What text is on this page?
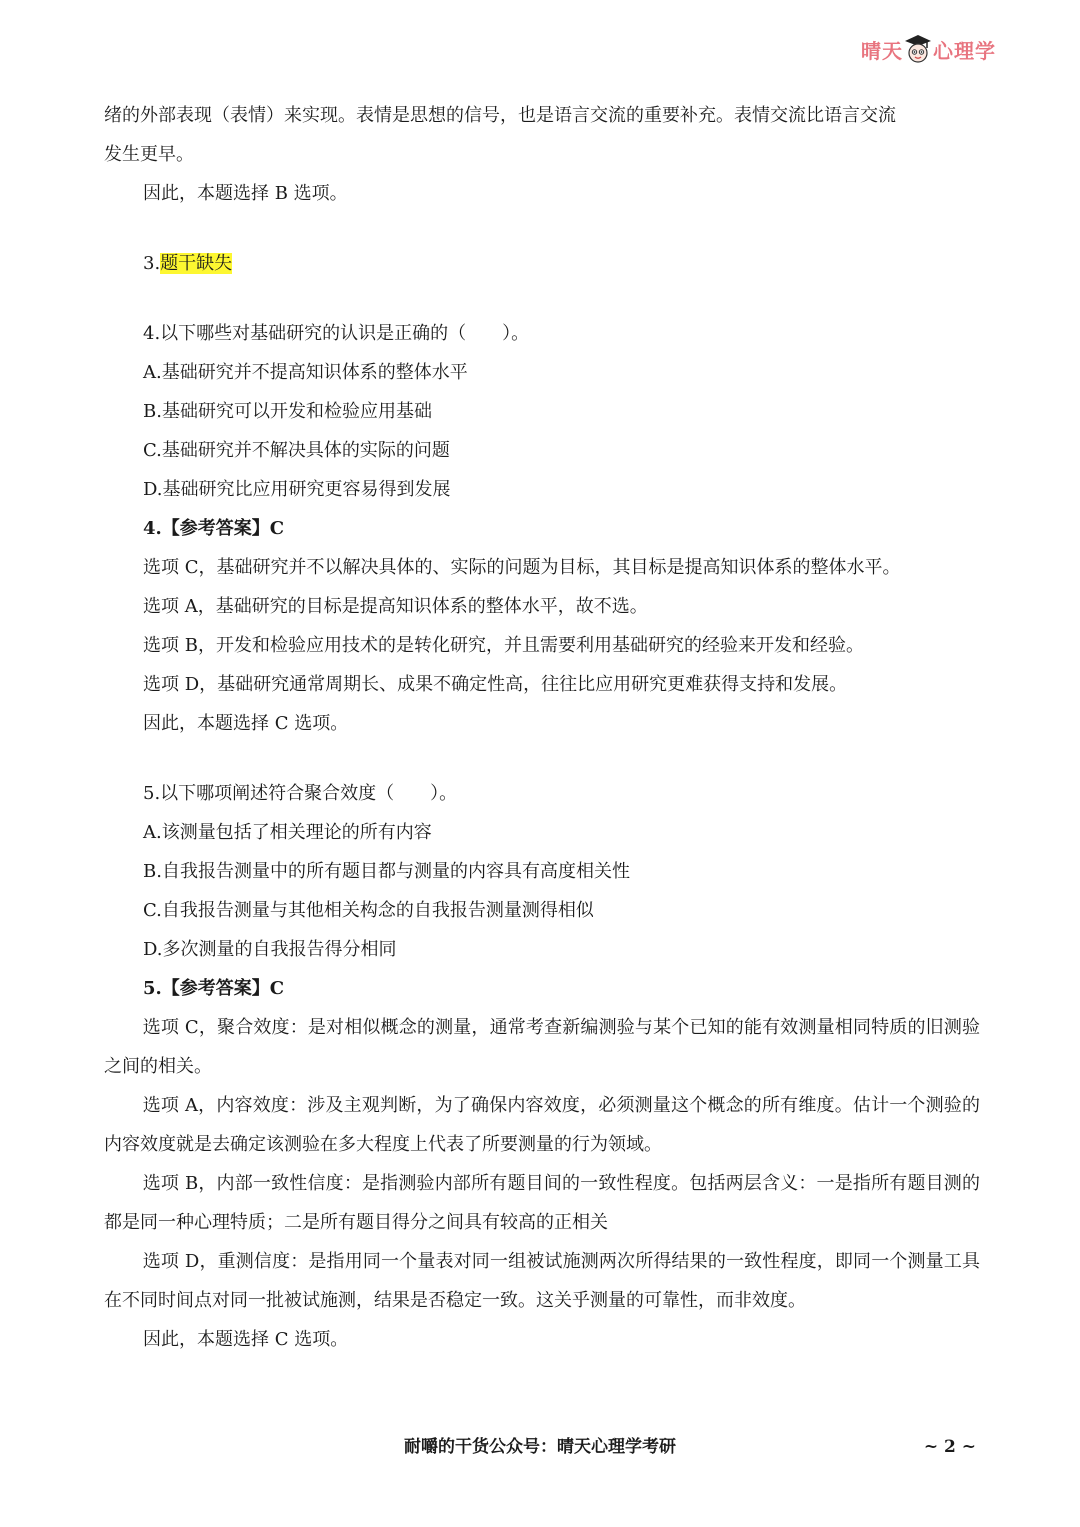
晴天 心理学

绪的外部表现（表情）来实现。表情是思想的信号，也是语言交流的重要补充。表情交流比语言交流

发生更早。

因此，本题选择 B 选项。

3.题干缺失

4.以下哪些对基础研究的认识是正确的（　　）。

A.基础研究并不提高知识体系的整体水平

B.基础研究可以开发和检验应用基础

C.基础研究并不解决具体的实际的问题

D.基础研究比应用研究更容易得到发展

4.【参考答案】C

选项 C，基础研究并不以解决具体的、实际的问题为目标，其目标是提高知识体系的整体水平。

选项 A，基础研究的目标是提高知识体系的整体水平，故不选。

选项 B，开发和检验应用技术的是转化研究，并且需要利用基础研究的经验来开发和经验。

选项 D，基础研究通常周期长、成果不确定性高，往往比应用研究更难获得支持和发展。

因此，本题选择 C 选项。

5.以下哪项阐述符合聚合效度（　　）。

A.该测量包括了相关理论的所有内容

B.自我报告测量中的所有题目都与测量的内容具有高度相关性

C.自我报告测量与其他相关构念的自我报告测量测得相似

D.多次测量的自我报告得分相同

5.【参考答案】C

选项 C，聚合效度：是对相似概念的测量，通常考查新编测验与某个已知的能有效测量相同特质的旧测验之间的相关。

选项 A，内容效度：涉及主观判断，为了确保内容效度，必须测量这个概念的所有维度。估计一个测验的内容效度就是去确定该测验在多大程度上代表了所要测量的行为领域。

选项 B，内部一致性信度：是指测验内部所有题目间的一致性程度。包括两层含义：一是指所有题目测的都是同一种心理特质；二是所有题目得分之间具有较高的正相关

选项 D，重测信度：是指用同一个量表对同一组被试施测两次所得结果的一致性程度，即同一个测量工具在不同时间点对同一批被试施测，结果是否稳定一致。这关乎测量的可靠性，而非效度。

因此，本题选择 C 选项。

耐嚼的干货公众号：晴天心理学考研	~ 2 ~
